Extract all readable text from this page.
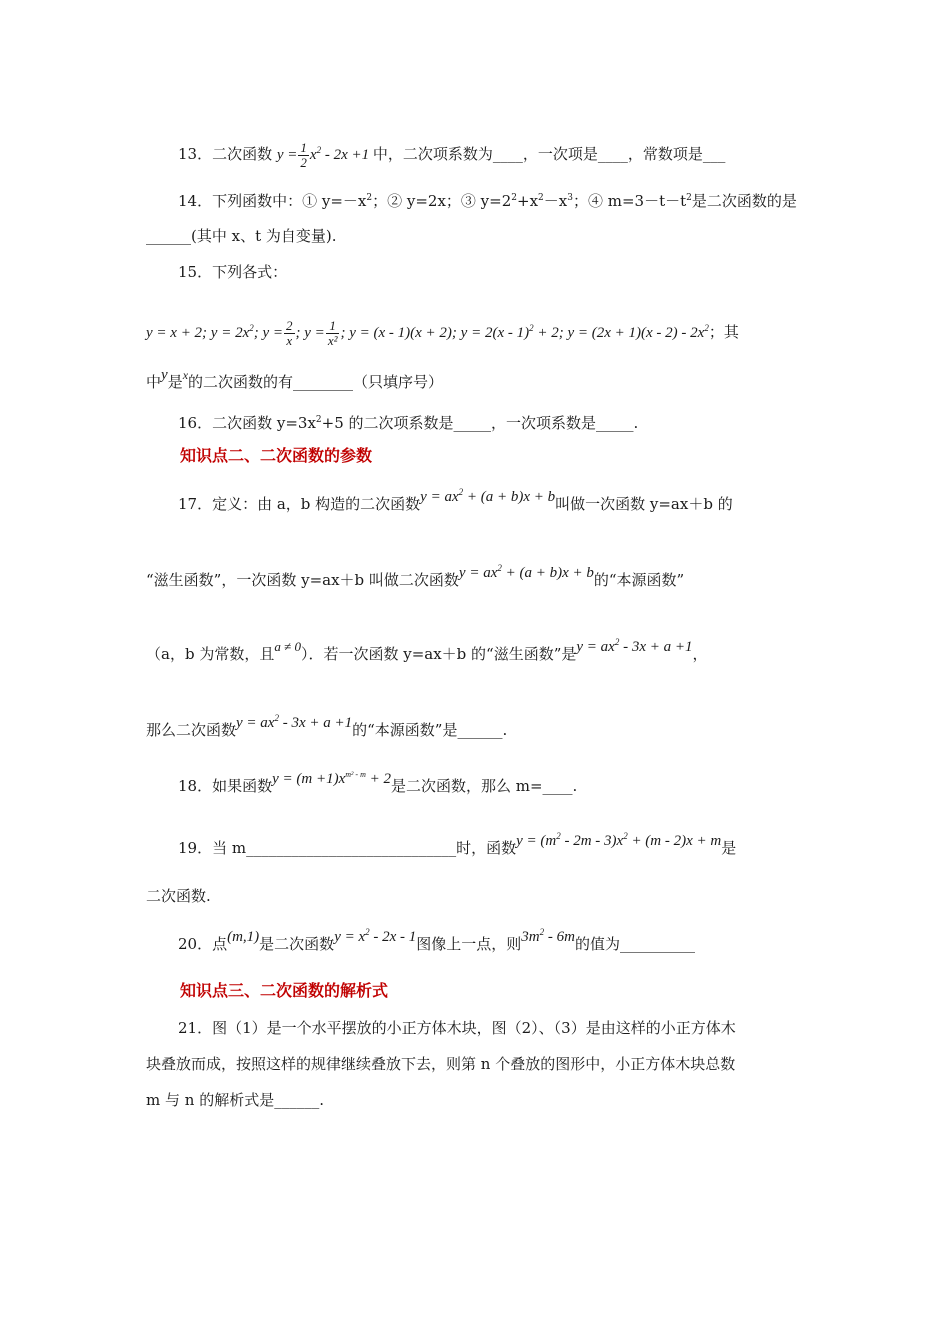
13．二次函数 $y = \frac{1}{2} x^2 - 2x +1$ 中，二次项系数为____，一次项是____，常数项是___
14．下列函数中：① $y=-x^2$；② y=2x；③ $y=2^2+x^2-x^3$；④ $m=3-t-t^2$是二次函数的是
______(其中 x、t 为自变量).
15．下列各式：
y = x + 2; $y = 2x^2$; $y = \frac{2}{x}$ ; $y = \frac{1}{\text{x²}}$ ; y = (x - 1)(x + 2); y = 2(x - 1)$^2$ + 2; $y = (2x + 1)(x - 2) - 2x^2$；其
中y是$^x$的二次函数的有________（只填序号）
16．二次函数 $y=3x^2+5$ 的二次项系数是_____，一次项系数是_____.
知识点二、二次函数的参数
17．定义：由 a，b 构造的二次函数$y = ax^2 + (a + b)x + b$叫做一次函数 y=ax＋b 的
“滋生函数”，一次函数 y=ax＋b 叫做二次函数$y = ax^2 + (a + b)x + b$的“本源函数”
（a，b 为常数，且a ≠ 0）．若一次函数 y=ax＋b 的“滋生函数”是$y = ax^2 - 3x + a +1$，
那么二次函数$y = ax^2 - 3x + a +1$的“本源函数”是______.
18．如果函数$y = (m +1)x^{m^2 - m} + 2$是二次函数，那么 m=____.
19．当 m____________________________时，函数$y = (m^2 - 2m - 3)x^2 + (m - 2)x + m$是
二次函数.
20．点(m,1)是二次函数$y = x^2 - 2x - 1$图像上一点，则$3m^2 - 6m$的值为__________
知识点三、二次函数的解析式
21．图（1）是一个水平摆放的小正方体木块，图（2）、（3）是由这样的小正方体木
块叠放而成，按照这样的规律继续叠放下去，则第 n 个叠放的图形中，小正方体木块总数
m 与 n 的解析式是______.
